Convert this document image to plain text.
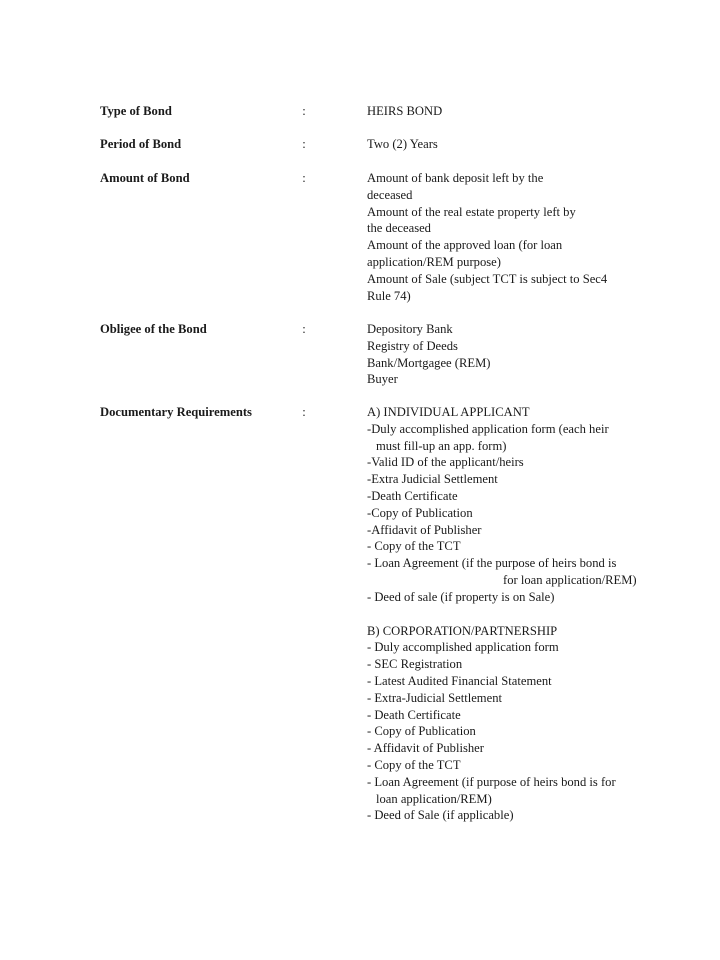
Type of Bond	:	HEIRS BOND
Period of Bond	:	Two (2) Years
Amount of Bond	:	Amount of bank deposit left by the
deceased
Amount of the real estate property left by
the deceased
Amount of the approved loan (for loan
application/REM purpose)
Amount of Sale (subject TCT is subject to Sec4
Rule 74)
Obligee of the Bond	:	Depository Bank
Registry of Deeds
Bank/Mortgagee (REM)
Buyer
Documentary Requirements	:	A) INDIVIDUAL APPLICANT
-Duly accomplished application form (each heir
must fill-up an app. form)
-Valid ID of the applicant/heirs
-Extra Judicial Settlement
-Death Certificate
-Copy of Publication
-Affidavit of Publisher
- Copy of the TCT
- Loan Agreement (if the purpose of heirs bond is
for loan application/REM)
- Deed of sale (if property is on Sale)
B) CORPORATION/PARTNERSHIP
- Duly accomplished application form
- SEC Registration
- Latest Audited Financial Statement
- Extra-Judicial Settlement
- Death Certificate
- Copy of Publication
- Affidavit of Publisher
- Copy of the TCT
- Loan Agreement (if purpose of heirs bond is for
loan application/REM)
- Deed of Sale (if applicable)
